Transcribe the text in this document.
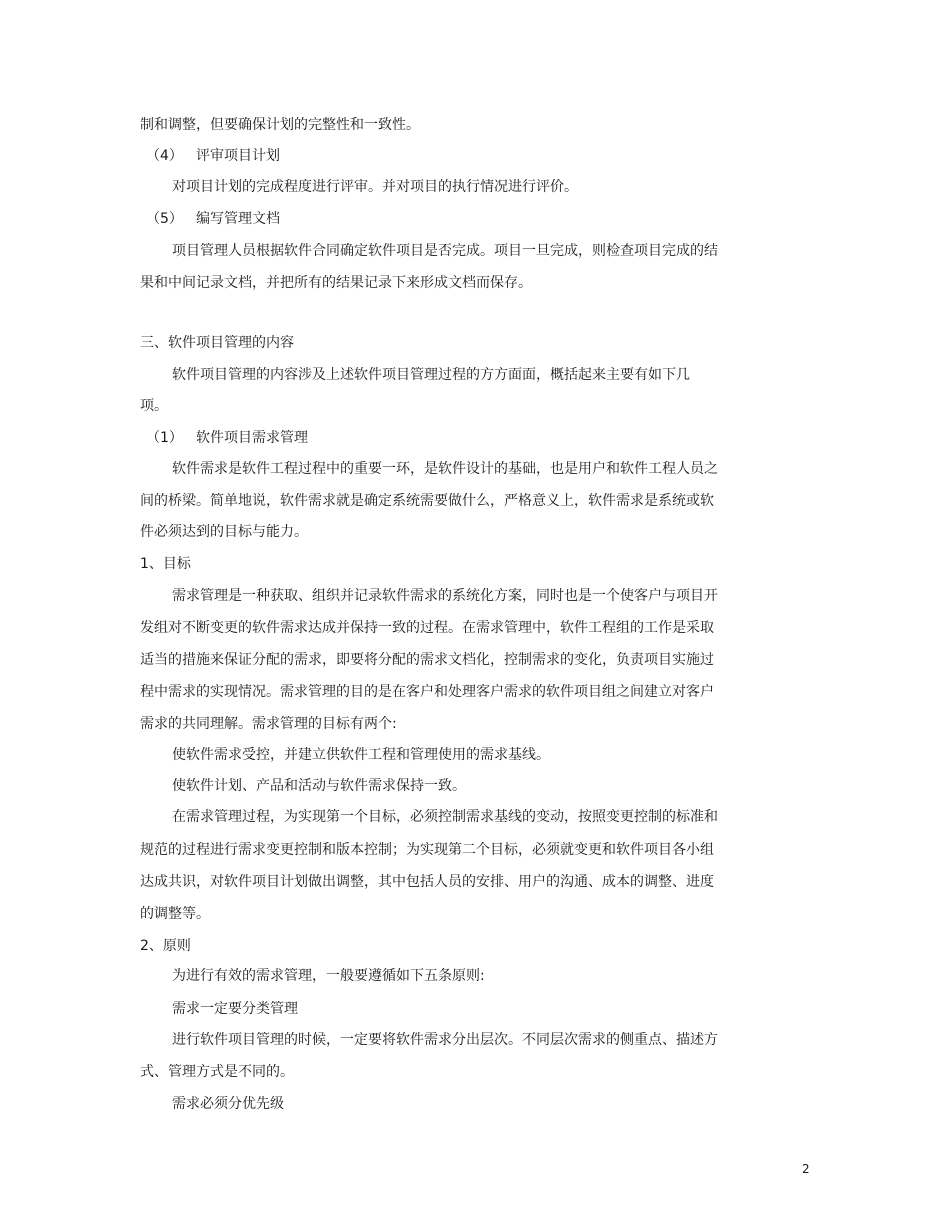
制和调整，但要确保计划的完整性和一致性。
（4） 评审项目计划
对项目计划的完成程度进行评审。并对项目的执行情况进行评价。
（5） 编写管理文档
项目管理人员根据软件合同确定软件项目是否完成。项目一旦完成，则检查项目完成的结
果和中间记录文档，并把所有的结果记录下来形成文档而保存。
三、软件项目管理的内容
软件项目管理的内容涉及上述软件项目管理过程的方方面面，概括起来主要有如下几
项。
（1） 软件项目需求管理
软件需求是软件工程过程中的重要一环，是软件设计的基础，也是用户和软件工程人员之
间的桥梁。简单地说，软件需求就是确定系统需要做什么，严格意义上，软件需求是系统或软
件必须达到的目标与能力。
1、目标
需求管理是一种获取、组织并记录软件需求的系统化方案，同时也是一个使客户与项目开
发组对不断变更的软件需求达成并保持一致的过程。在需求管理中，软件工程组的工作是采取
适当的措施来保证分配的需求，即要将分配的需求文档化，控制需求的变化，负责项目实施过
程中需求的实现情况。需求管理的目的是在客户和处理客户需求的软件项目组之间建立对客户
需求的共同理解。需求管理的目标有两个:
使软件需求受控，并建立供软件工程和管理使用的需求基线。
使软件计划、产品和活动与软件需求保持一致。
在需求管理过程，为实现第一个目标，必须控制需求基线的变动，按照变更控制的标准和
规范的过程进行需求变更控制和版本控制；为实现第二个目标，必须就变更和软件项目各小组
达成共识，对软件项目计划做出调整，其中包括人员的安排、用户的沟通、成本的调整、进度
的调整等。
2、原则
为进行有效的需求管理，一般要遵循如下五条原则:
需求一定要分类管理
进行软件项目管理的时候，一定要将软件需求分出层次。不同层次需求的侧重点、描述方
式、管理方式是不同的。
需求必须分优先级
2
